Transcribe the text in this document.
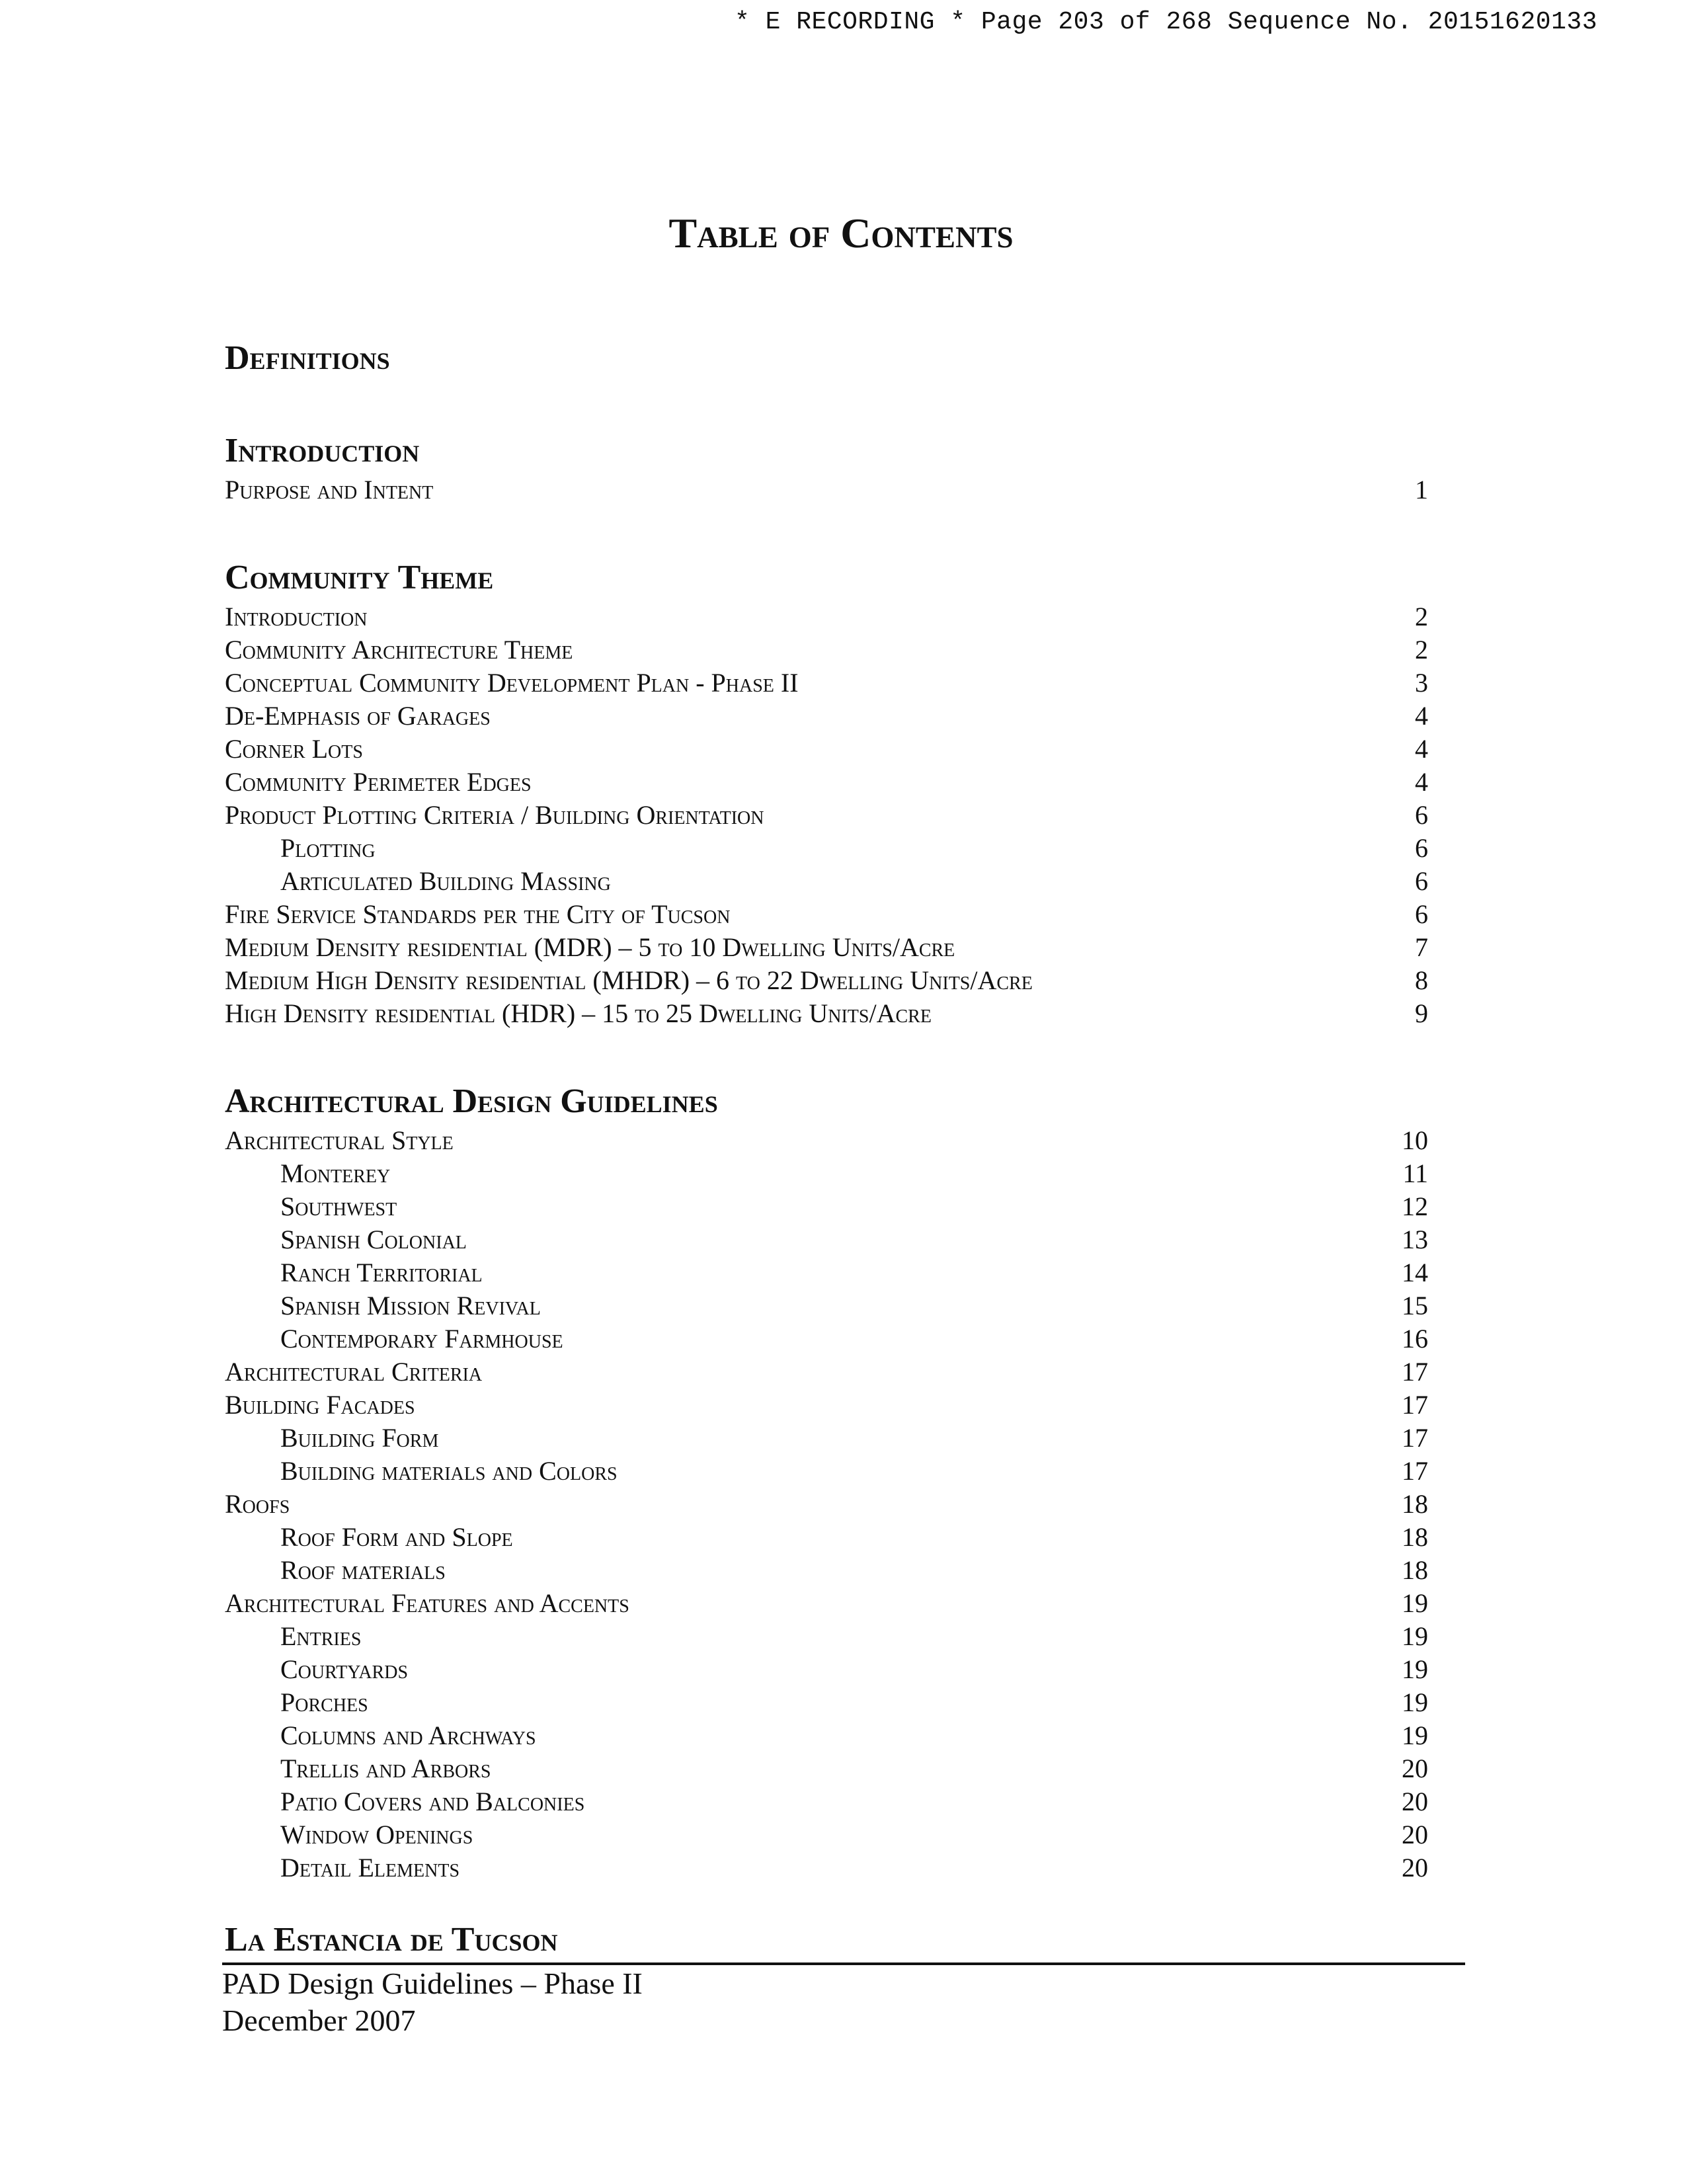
* E RECORDING * Page 203 of 268 Sequence No. 20151620133
Table of Contents
Definitions
Introduction
Purpose and Intent	1
Community Theme
Introduction	2
Community Architecture Theme	2
Conceptual Community Development Plan - Phase II	3
De-Emphasis of Garages	4
Corner Lots	4
Community Perimeter Edges	4
Product Plotting Criteria / Building Orientation	6
Plotting	6
Articulated Building Massing	6
Fire Service Standards per the City of Tucson	6
Medium Density residential (MDR) – 5 to 10 Dwelling Units/Acre	7
Medium High Density residential (MHDR) – 6 to 22 Dwelling Units/Acre	8
High Density residential (HDR) – 15 to 25 Dwelling Units/Acre	9
Architectural Design Guidelines
Architectural Style	10
Monterey	11
Southwest	12
Spanish Colonial	13
Ranch Territorial	14
Spanish Mission Revival	15
Contemporary Farmhouse	16
Architectural Criteria	17
Building Facades	17
Building Form	17
Building materials and Colors	17
Roofs	18
Roof Form and Slope	18
Roof materials	18
Architectural Features and Accents	19
Entries	19
Courtyards	19
Porches	19
Columns and Archways	19
Trellis and Arbors	20
Patio Covers and Balconies	20
Window Openings	20
Detail Elements	20
La Estancia de Tucson
PAD Design Guidelines – Phase II
December 2007
